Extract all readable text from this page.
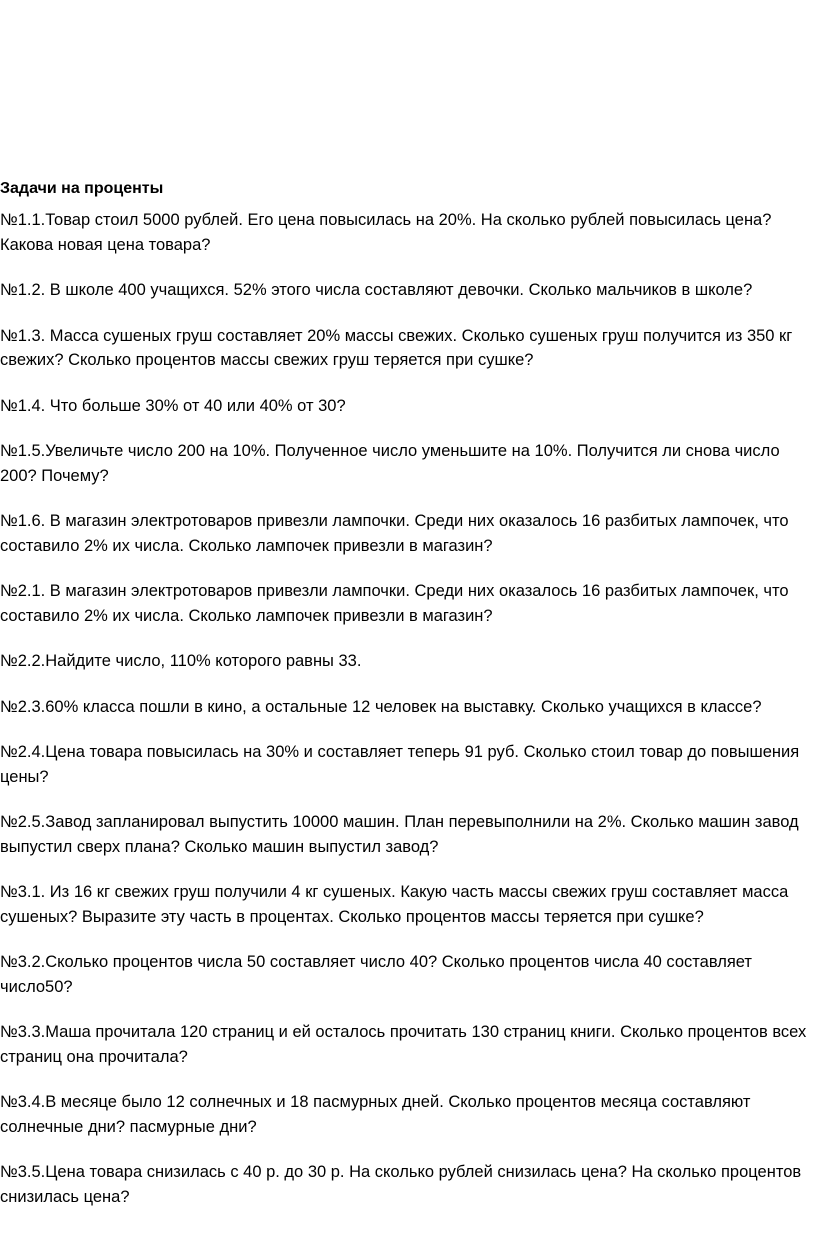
Задачи на проценты

№1.1.Товар стоил 5000 рублей. Его цена повысилась на 20%. На сколько рублей повысилась цена? Какова новая цена товара?

№1.2. В школе 400 учащихся. 52% этого числа составляют девочки. Сколько мальчиков в школе?

№1.3. Масса сушеных груш составляет 20% массы свежих. Сколько сушеных груш получится из 350 кг свежих? Сколько процентов массы свежих груш теряется при сушке?

№1.4. Что больше 30% от 40 или 40% от 30?

№1.5.Увеличьте число 200 на 10%. Полученное число уменьшите на 10%. Получится ли снова число 200? Почему?

№1.6. В магазин электротоваров привезли лампочки. Среди них оказалось 16 разбитых лампочек, что составило 2% их числа. Сколько лампочек привезли в магазин?

№2.1. В магазин электротоваров привезли лампочки. Среди них оказалось 16 разбитых лампочек, что составило 2% их числа. Сколько лампочек привезли в магазин?

№2.2.Найдите число, 110% которого равны 33.

№2.3.60% класса пошли в кино, а остальные 12 человек на выставку. Сколько учащихся в классе?

№2.4.Цена товара повысилась на 30% и составляет теперь 91 руб. Сколько стоил товар до повышения цены?

№2.5.Завод запланировал выпустить 10000 машин. План перевыполнили на 2%. Сколько машин завод выпустил сверх плана? Сколько машин выпустил завод?

№3.1. Из 16 кг свежих груш получили 4 кг сушеных. Какую часть массы свежих груш составляет масса сушеных? Выразите эту часть в процентах. Сколько процентов массы теряется при сушке?

№3.2.Сколько процентов числа 50 составляет число 40? Сколько процентов числа 40 составляет число50?

№3.3.Маша прочитала 120 страниц и ей осталось прочитать 130 страниц книги. Сколько процентов всех страниц она прочитала?

№3.4.В месяце было 12 солнечных и 18 пасмурных дней. Сколько процентов месяца составляют солнечные дни? пасмурные дни?

№3.5.Цена товара снизилась с 40 р. до 30 р. На сколько рублей снизилась цена? На сколько процентов снизилась цена?
